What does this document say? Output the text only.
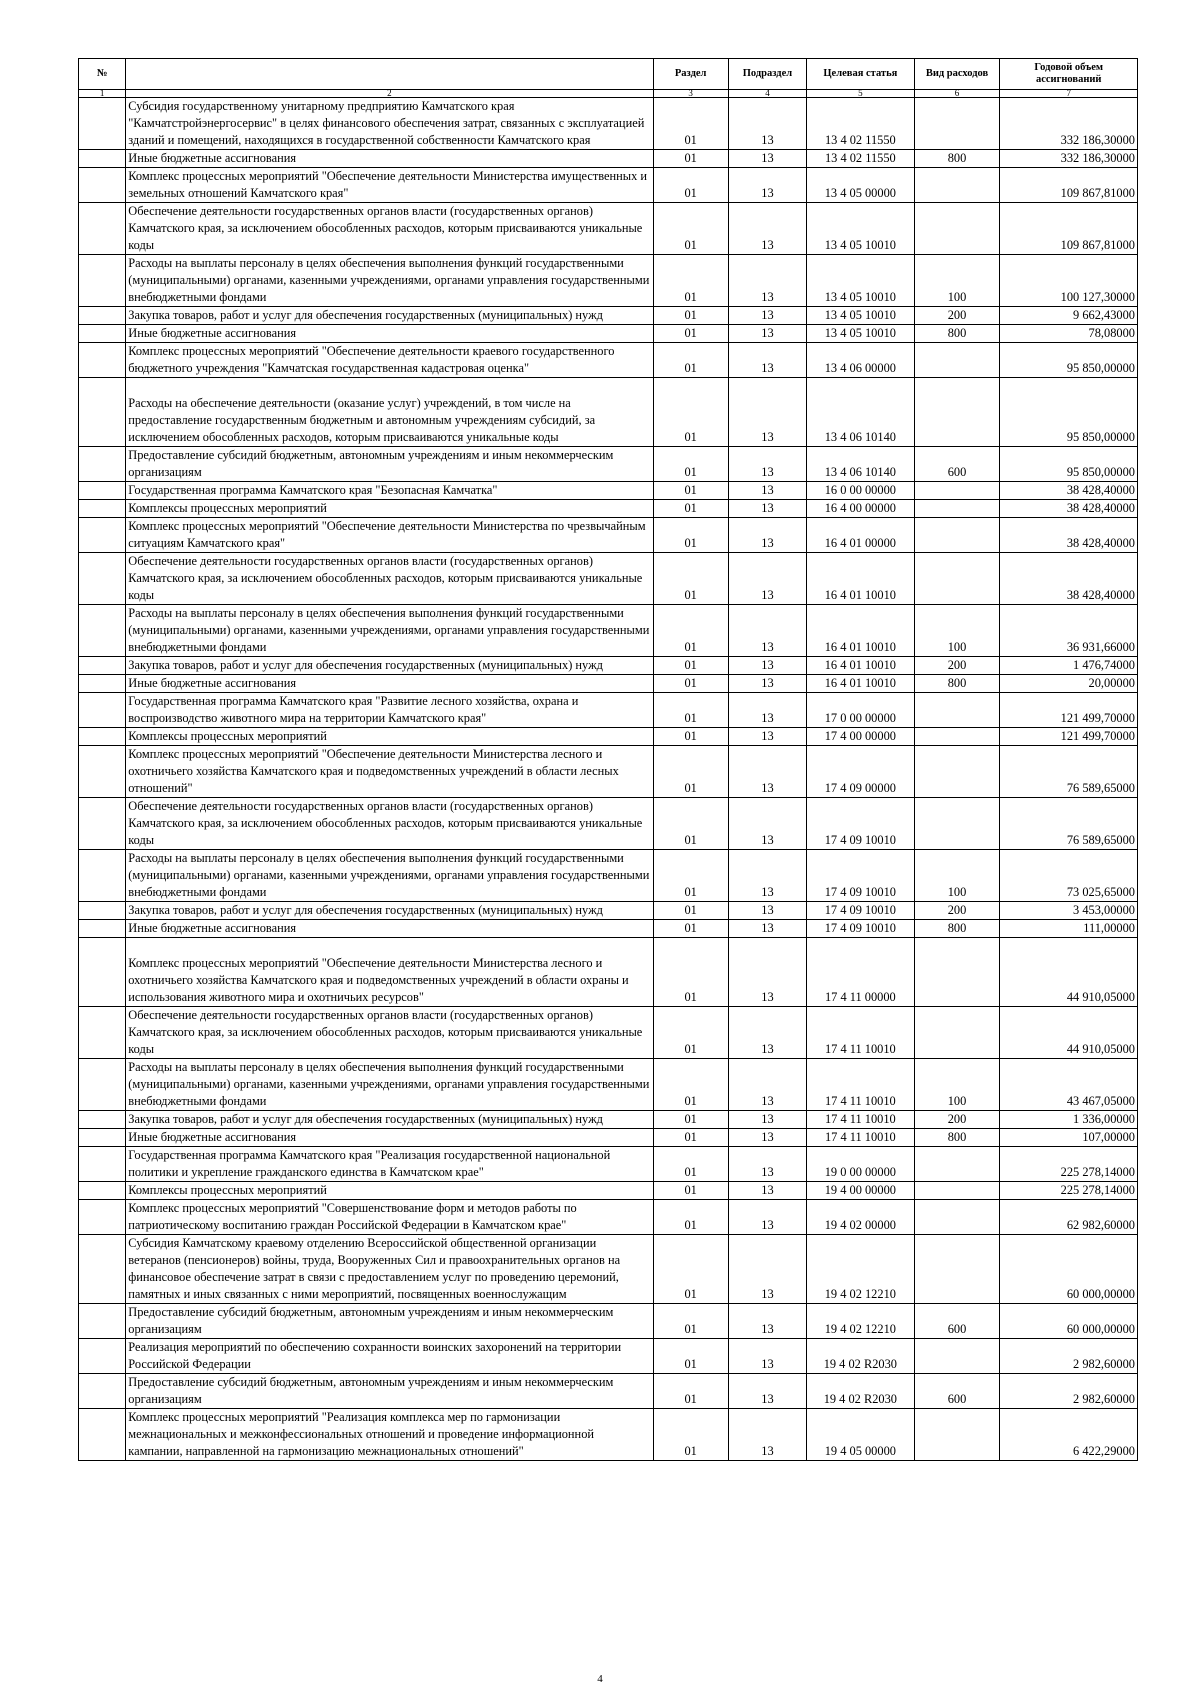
№		Раздел	Подраздел	Целевая статья	Вид расходов	Годовой объем ассигнований
1	2	3	4	5	6	7
	Субсидия государственному унитарному предприятию Камчатского края "Камчатстройэнергосервис" в целях финансового обеспечения затрат, связанных с эксплуатацией зданий и помещений, находящихся в государственной собственности Камчатского края	01	13	13 4 02 11550		332 186,30000
	Иные бюджетные ассигнования	01	13	13 4 02 11550	800	332 186,30000
	Комплекс процессных мероприятий "Обеспечение деятельности Министерства имущественных и земельных отношений Камчатского края"	01	13	13 4 05 00000		109 867,81000
	Обеспечение деятельности государственных органов власти (государственных органов) Камчатского края, за исключением обособленных расходов, которым присваиваются уникальные коды	01	13	13 4 05 10010		109 867,81000
	Расходы на выплаты персоналу в целях обеспечения выполнения функций государственными (муниципальными) органами, казенными учреждениями, органами управления государственными внебюджетными фондами	01	13	13 4 05 10010	100	100 127,30000
	Закупка товаров, работ и услуг для обеспечения государственных (муниципальных) нужд	01	13	13 4 05 10010	200	9 662,43000
	Иные бюджетные ассигнования	01	13	13 4 05 10010	800	78,08000
	Комплекс процессных мероприятий "Обеспечение деятельности краевого государственного бюджетного учреждения "Камчатская государственная кадастровая оценка"	01	13	13 4 06 00000		95 850,00000
	Расходы на обеспечение деятельности (оказание услуг) учреждений, в том числе на предоставление государственным бюджетным и автономным учреждениям субсидий, за исключением обособленных расходов, которым присваиваются уникальные коды	01	13	13 4 06 10140		95 850,00000
	Предоставление субсидий бюджетным, автономным учреждениям и иным некоммерческим организациям	01	13	13 4 06 10140	600	95 850,00000
	Государственная программа Камчатского края "Безопасная Камчатка"	01	13	16 0 00 00000		38 428,40000
	Комплексы процессных мероприятий	01	13	16 4 00 00000		38 428,40000
	Комплекс процессных мероприятий "Обеспечение деятельности Министерства по чрезвычайным ситуациям Камчатского края"	01	13	16 4 01 00000		38 428,40000
	Обеспечение деятельности государственных органов власти (государственных органов) Камчатского края, за исключением обособленных расходов, которым присваиваются уникальные коды	01	13	16 4 01 10010		38 428,40000
	Расходы на выплаты персоналу в целях обеспечения выполнения функций государственными (муниципальными) органами, казенными учреждениями, органами управления государственными внебюджетными фондами	01	13	16 4 01 10010	100	36 931,66000
	Закупка товаров, работ и услуг для обеспечения государственных (муниципальных) нужд	01	13	16 4 01 10010	200	1 476,74000
	Иные бюджетные ассигнования	01	13	16 4 01 10010	800	20,00000
	Государственная программа Камчатского края "Развитие лесного хозяйства, охрана и воспроизводство животного мира на территории Камчатского края"	01	13	17 0 00 00000		121 499,70000
	Комплексы процессных мероприятий	01	13	17 4 00 00000		121 499,70000
	Комплекс процессных мероприятий "Обеспечение деятельности Министерства лесного и охотничьего хозяйства Камчатского края и подведомственных учреждений в области лесных отношений"	01	13	17 4 09 00000		76 589,65000
	Обеспечение деятельности государственных органов власти (государственных органов) Камчатского края, за исключением обособленных расходов, которым присваиваются уникальные коды	01	13	17 4 09 10010		76 589,65000
	Расходы на выплаты персоналу в целях обеспечения выполнения функций государственными (муниципальными) органами, казенными учреждениями, органами управления государственными внебюджетными фондами	01	13	17 4 09 10010	100	73 025,65000
	Закупка товаров, работ и услуг для обеспечения государственных (муниципальных) нужд	01	13	17 4 09 10010	200	3 453,00000
	Иные бюджетные ассигнования	01	13	17 4 09 10010	800	111,00000
	Комплекс процессных мероприятий "Обеспечение деятельности Министерства лесного и охотничьего хозяйства Камчатского края и подведомственных учреждений в области охраны и использования животного мира и охотничьих ресурсов"	01	13	17 4 11 00000		44 910,05000
	Обеспечение деятельности государственных органов власти (государственных органов) Камчатского края, за исключением обособленных расходов, которым присваиваются уникальные коды	01	13	17 4 11 10010		44 910,05000
	Расходы на выплаты персоналу в целях обеспечения выполнения функций государственными (муниципальными) органами, казенными учреждениями, органами управления государственными внебюджетными фондами	01	13	17 4 11 10010	100	43 467,05000
	Закупка товаров, работ и услуг для обеспечения государственных (муниципальных) нужд	01	13	17 4 11 10010	200	1 336,00000
	Иные бюджетные ассигнования	01	13	17 4 11 10010	800	107,00000
	Государственная программа Камчатского края "Реализация государственной национальной политики и укрепление гражданского единства в Камчатском крае"	01	13	19 0 00 00000		225 278,14000
	Комплексы процессных мероприятий	01	13	19 4 00 00000		225 278,14000
	Комплекс процессных мероприятий "Совершенствование форм и методов работы по патриотическому воспитанию граждан Российской Федерации в Камчатском крае"	01	13	19 4 02 00000		62 982,60000
	Субсидия Камчатскому краевому отделению Всероссийской общественной организации ветеранов (пенсионеров) войны, труда, Вооруженных Сил и правоохранительных органов на финансовое обеспечение затрат в связи с предоставлением услуг по проведению церемоний, памятных и иных связанных с ними мероприятий, посвященных военнослужащим	01	13	19 4 02 12210		60 000,00000
	Предоставление субсидий бюджетным, автономным учреждениям и иным некоммерческим организациям	01	13	19 4 02 12210	600	60 000,00000
	Реализация мероприятий по обеспечению сохранности воинских захоронений на территории Российской Федерации	01	13	19 4 02 R2030		2 982,60000
	Предоставление субсидий бюджетным, автономным учреждениям и иным некоммерческим организациям	01	13	19 4 02 R2030	600	2 982,60000
	Комплекс процессных мероприятий "Реализация комплекса мер по гармонизации межнациональных и межконфессиональных отношений и проведение информационной кампании, направленной на гармонизацию межнациональных отношений"	01	13	19 4 05 00000		6 422,29000
4
